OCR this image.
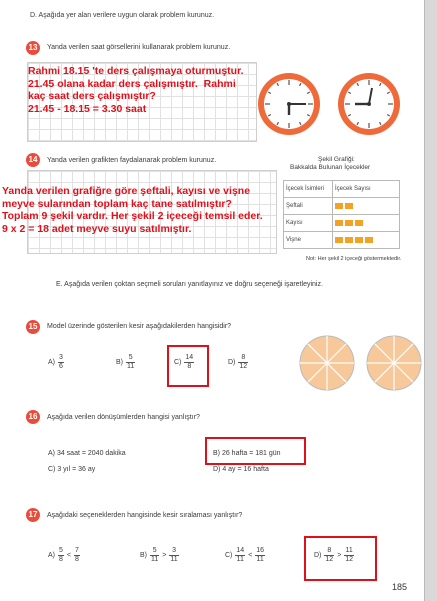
D. Aşağıda yer alan verilere uygun olarak problem kurunuz.
13	Yanda verilen saat görsellerini kullanarak problem kurunuz.
Rahmi 18.15 'te ders çalışmaya oturmuştur.
21.45 olana kadar ders çalışmıştır.  Rahmi
kaç saat ders çalışmıştır?
21.45 - 18.15 = 3.30 saat
14	Yanda verilen grafikten faydalanarak problem kurunuz.
Yanda verilen grafiğre göre şeftali, kayısı ve vişne
meyve sularından toplam kaç tane satılmıştır?
Toplam 9 şekil vardır. Her şekil 2 içeceği temsil eder.
9 x 2 = 18 adet meyve suyu satılmıştır.
Şekil Grafiği:
Bakkalda Bulunan İçecekler
İçecek İsimleri	İçecek Sayısı
Şeftali	
Kayısı	
Vişne	
Not: Her şekil 2 içeceği göstermektedir.
E. Aşağıda verilen çoktan seçmeli soruları yanıtlayınız ve doğru seçeneği işaretleyiniz.
15	Model üzerinde gösterilen kesir aşağıdakilerden hangisidir?
$A) \frac{3}{6}$	$B) \frac{5}{11}$	$C) \frac{14}{8}$	$D) \frac{8}{12}$
16	Aşağıda verilen dönüşümlerden hangisi yanlıştır?
A) 34 saat = 2040 dakika	B) 26 hafta = 181 gün
C) 3 yıl = 36 ay	D) 4 ay = 16 hafta
17	Aşağıdaki seçeneklerden hangisinde kesir sıralaması yanlıştır?
$A) \frac{5}{8} < \frac{7}{8}$	$B) \frac{5}{11} > \frac{3}{11}$	$C) \frac{14}{11} < \frac{16}{11}$	$D) \frac{8}{12} > \frac{11}{12}$
185
